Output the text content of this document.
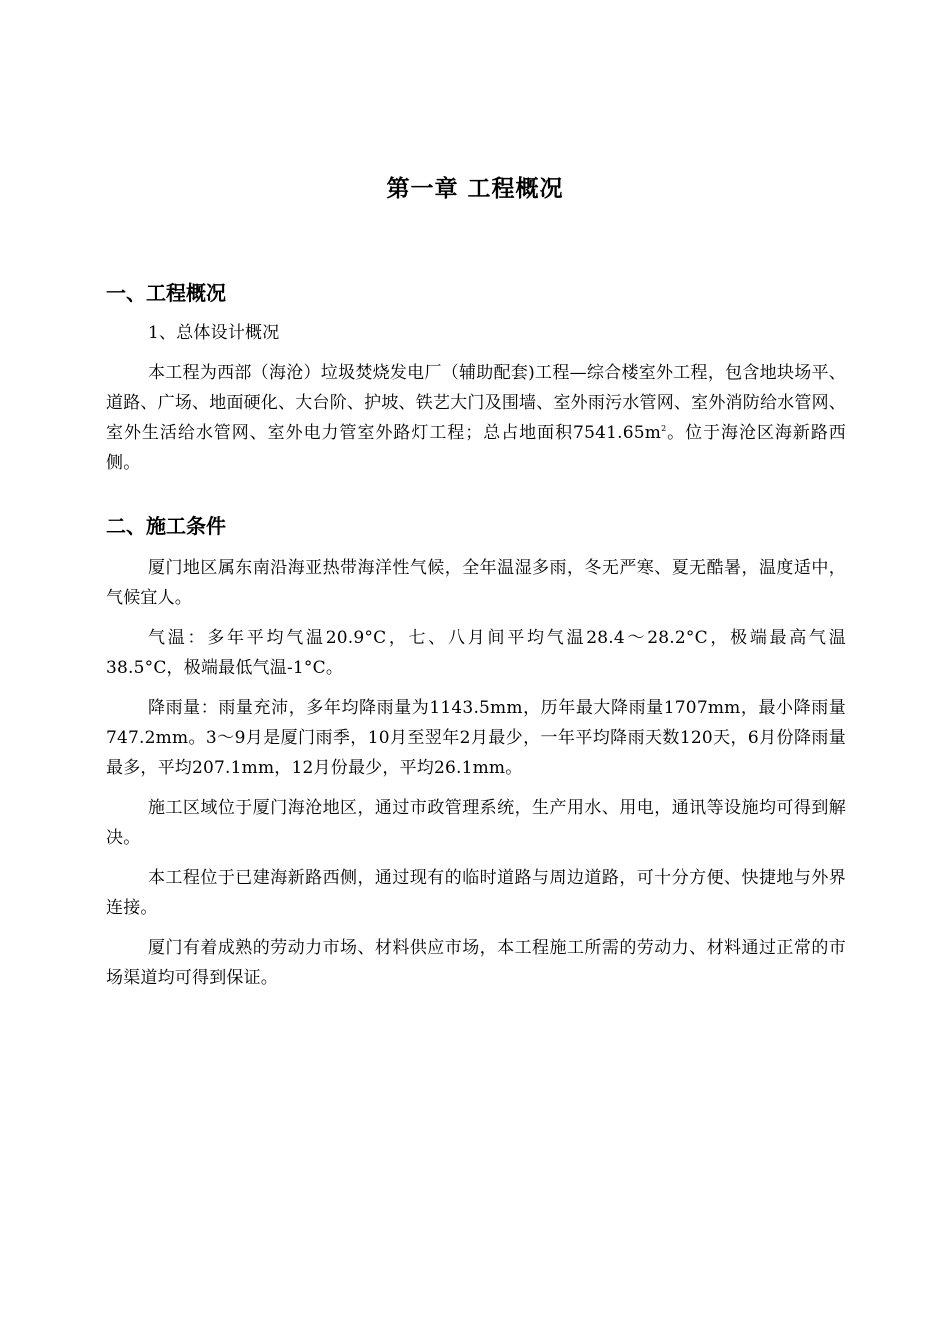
第一章 工程概况
一、工程概况

1、总体设计概况

本工程为西部（海沧）垃圾焚烧发电厂（辅助配套)工程—综合楼室外工程，包含地块场平、道路、广场、地面硬化、大台阶、护坡、铁艺大门及围墙、室外雨污水管网、室外消防给水管网、室外生活给水管网、室外电力管室外路灯工程；总占地面积$7541.65m^2$。位于海沧区海新路西侧。

二、施工条件

厦门地区属东南沿海亚热带海洋性气候，全年温湿多雨，冬无严寒、夏无酷暑，温度适中，气候宜人。

气温：多年平均气温20.9°C，七、八月间平均气温28.4～28.2°C，极端最高气温38.5°C，极端最低气温-1°C。

降雨量：雨量充沛，多年均降雨量为1143.5mm，历年最大降雨量1707mm，最小降雨量747.2mm。3～9月是厦门雨季，10月至翌年2月最少，一年平均降雨天数120天，6月份降雨量最多，平均207.1mm，12月份最少，平均26.1mm。

施工区域位于厦门海沧地区，通过市政管理系统，生产用水、用电，通讯等设施均可得到解决。

本工程位于已建海新路西侧，通过现有的临时道路与周边道路，可十分方便、快捷地与外界连接。

厦门有着成熟的劳动力市场、材料供应市场，本工程施工所需的劳动力、材料通过正常的市场渠道均可得到保证。
